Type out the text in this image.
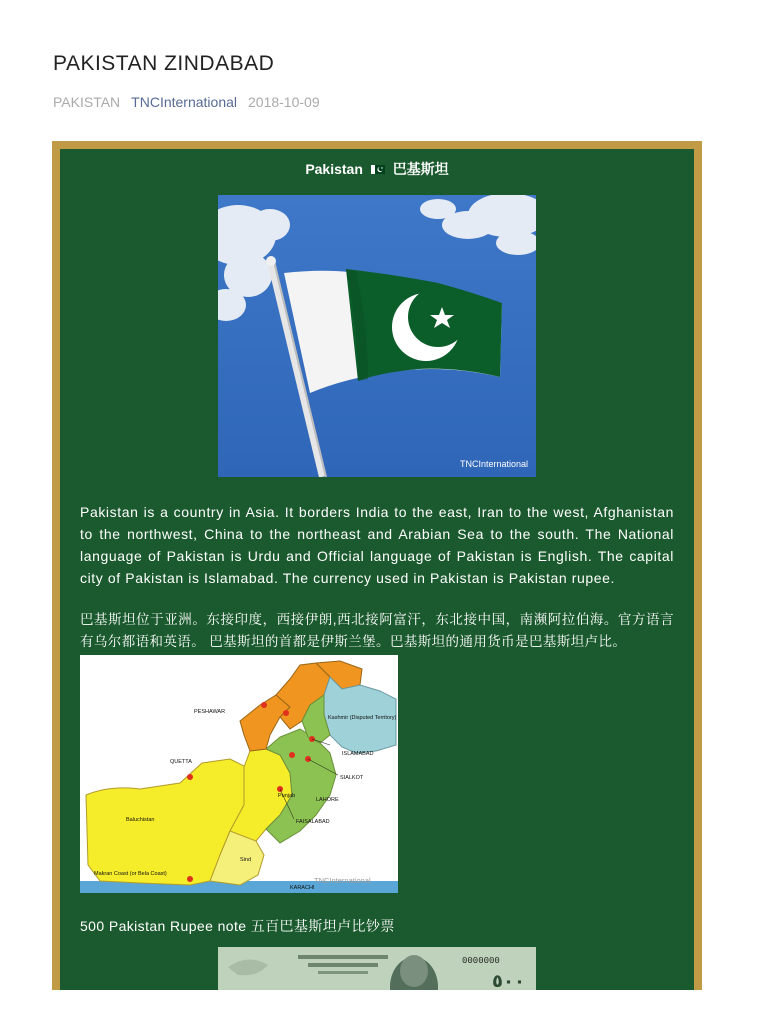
PAKISTAN ZINDABAD
PAKISTAN TNCInternational 2018-10-09
Pakistan 巴基斯坦
TNCInternational

Pakistan is a country in Asia. It borders India to the east, Iran to the west, Afghanistan to the northwest, China to the northeast and Arabian Sea to the south. The National language of Pakistan is Urdu and Official language of Pakistan is English. The capital city of Pakistan is Islamabad. The currency used in Pakistan is Pakistan rupee.

巴基斯坦位于亚洲。东接印度，西接伊朗,西北接阿富汗，东北接中国，南濒阿拉伯海。官方语言有乌尔都语和英语。 巴基斯坦的首都是伊斯兰堡。巴基斯坦的通用货币是巴基斯坦卢比。

PESHAWAR
QUETTA
Kashmir (Disputed Territory)
ISLAMABAD
SIALKOT
LAHORE
FAISALABAD
KARACHI
Baluchistan
Punjab
Sind
Makran Coast (or Bela Coast)
TNCInternational
500 Pakistan Rupee note 五百巴基斯坦卢比钞票
0000000
٥٠٠
